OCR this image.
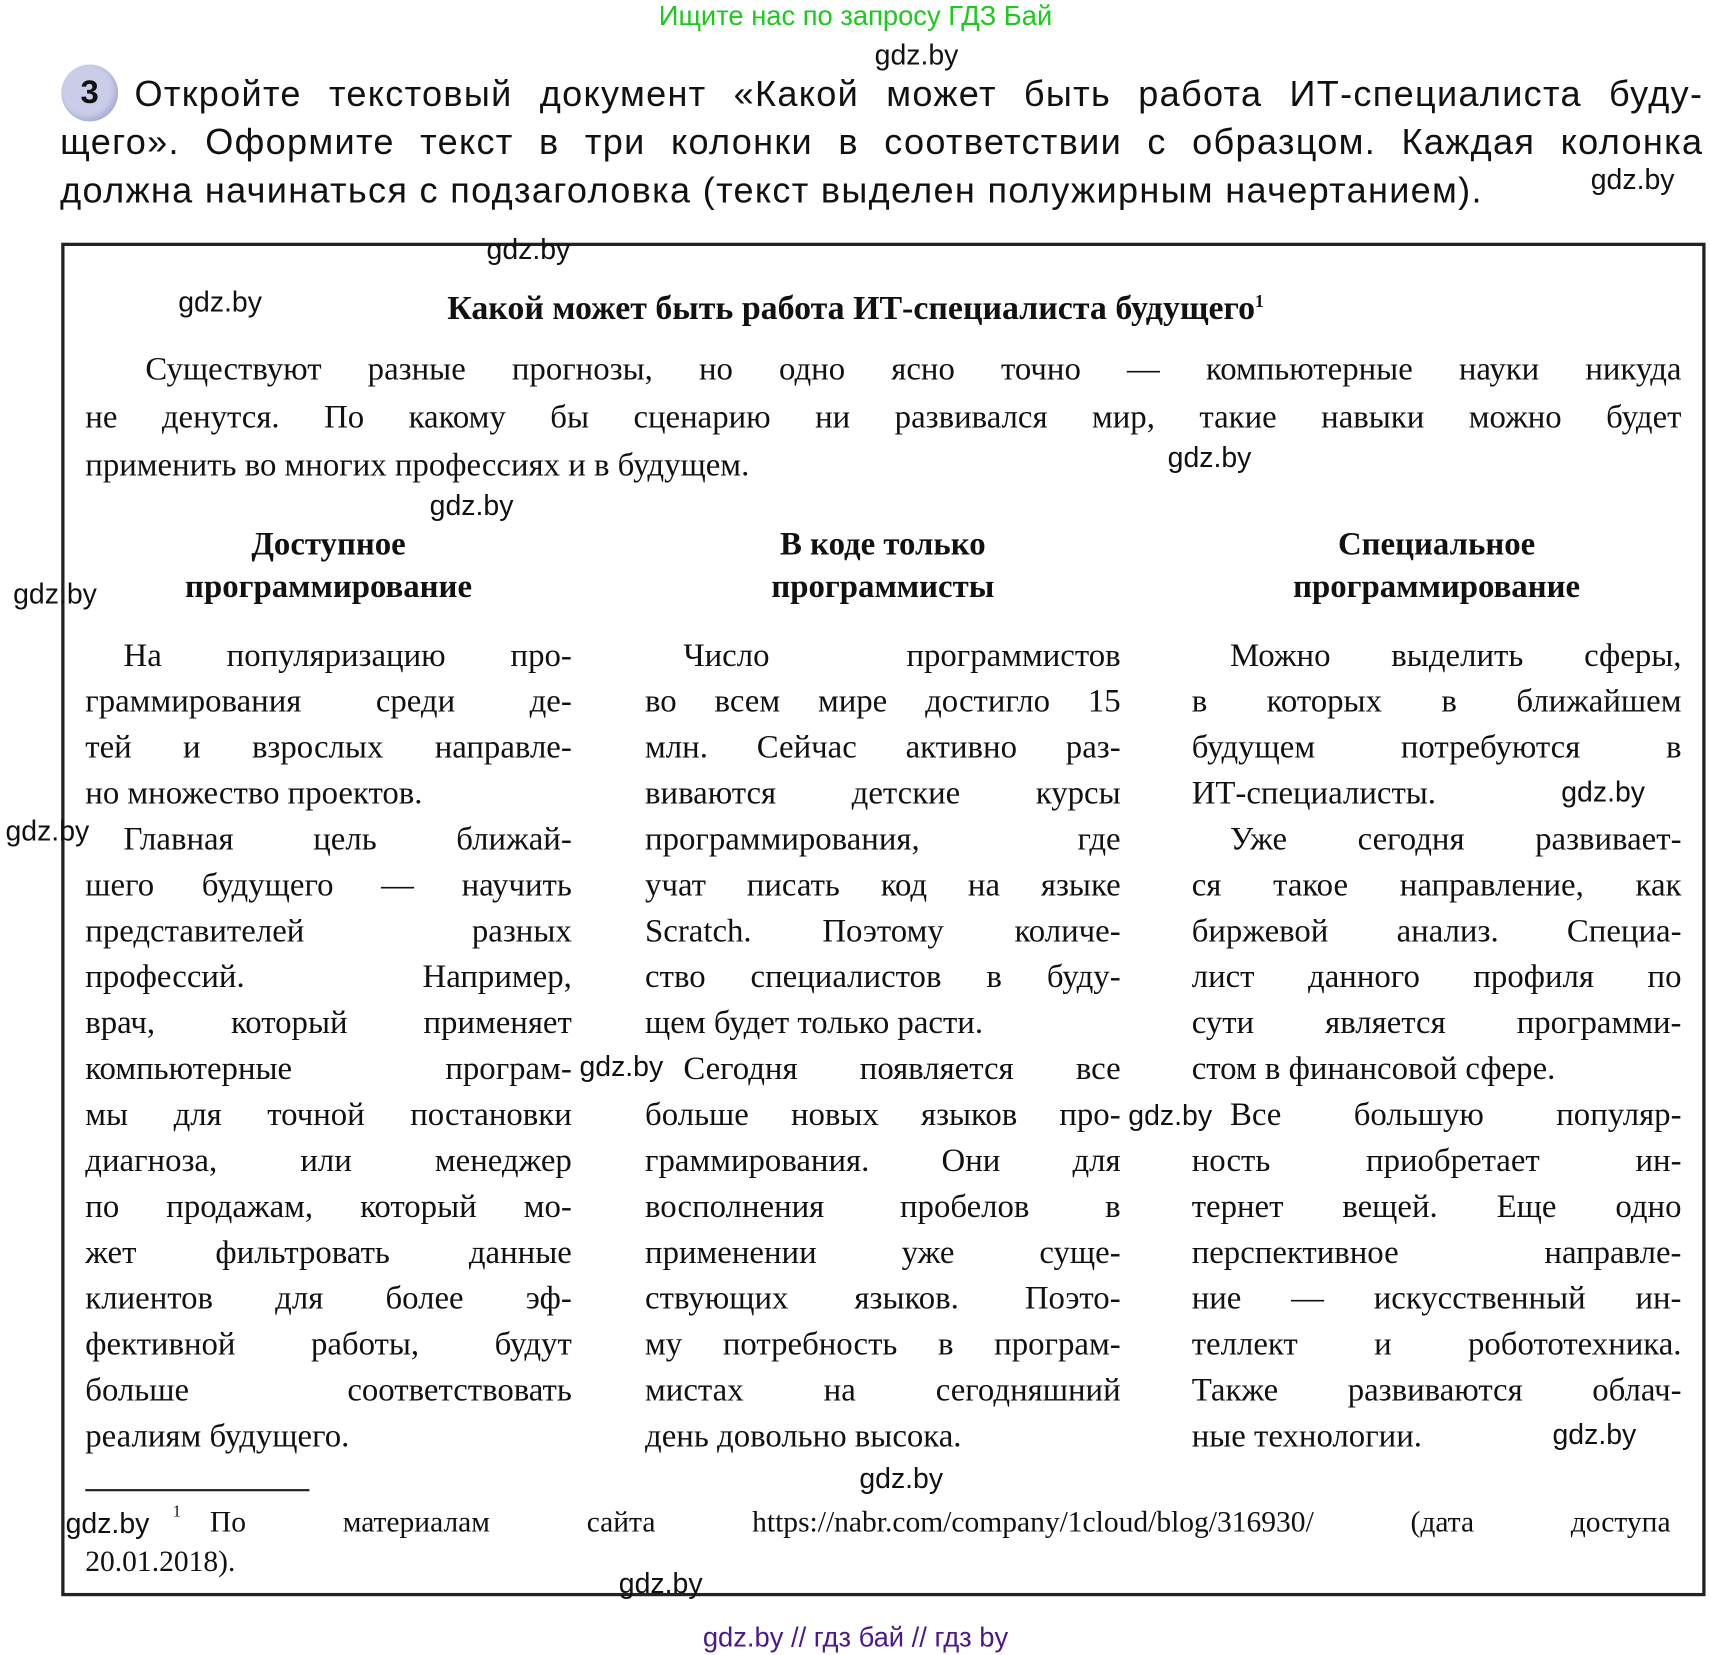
Ищите нас по запросу ГДЗ Бай
3	Откройте текстовый документ «Какой может быть работа ИТ-специалиста буду-
щего». Оформите текст в три колонки в соответствии с образцом. Каждая колонка
должна начинаться с подзаголовка (текст выделен полужирным начертанием).
Какой может быть работа ИТ-специалиста будущего$^1$
Существуют разные прогнозы, но одно ясно точно — компьютерные науки никуда
не денутся. По какому бы сценарию ни развивался мир, такие навыки можно будет
применить во многих профессиях и в будущем.
Доступное
программирование
В коде только
программисты
Специальное
программирование
На популяризацию про-
граммирования среди де-
тей и взрослых направле-
но множество проектов.
Главная цель ближай-
шего будущего — научить
представителей разных
профессий. Например,
врач, который применяет
компьютерные програм-
мы для точной постановки
диагноза, или менеджер
по продажам, который мо-
жет фильтровать данные
клиентов для более эф-
фективной работы, будут
больше соответствовать
реалиям будущего.
Число программистов
во всем мире достигло 15
млн. Сейчас активно раз-
виваются детские курсы
программирования, где
учат писать код на языке
Scratch. Поэтому количе-
ство специалистов в буду-
щем будет только расти.
Сегодня появляется все
больше новых языков про-
граммирования. Они для
восполнения пробелов в
применении уже суще-
ствующих языков. Поэто-
му потребность в програм-
мистах на сегодняшний
день довольно высока.
Можно выделить сферы,
в которых в ближайшем
будущем потребуются в
ИТ-специалисты.
Уже сегодня развивает-
ся такое направление, как
биржевой анализ. Специа-
лист данного профиля по
сути является программи-
стом в финансовой сфере.
Все большую популяр-
ность приобретает ин-
тернет вещей. Еще одно
перспективное направле-
ние — искусственный ин-
теллект и робототехника.
Также развиваются облач-
ные технологии.
1 По материалам сайта https://nabr.com/company/1cloud/blog/316930/ (дата доступа
20.01.2018).
gdz.by
gdz.by
gdz.by
gdz.by
gdz.by
gdz.by
gdz.by
gdz.by
gdz.by
gdz.by
gdz.by
gdz.by
gdz.by
gdz.by
gdz.by
gdz.by // гдз бай // гдз by
